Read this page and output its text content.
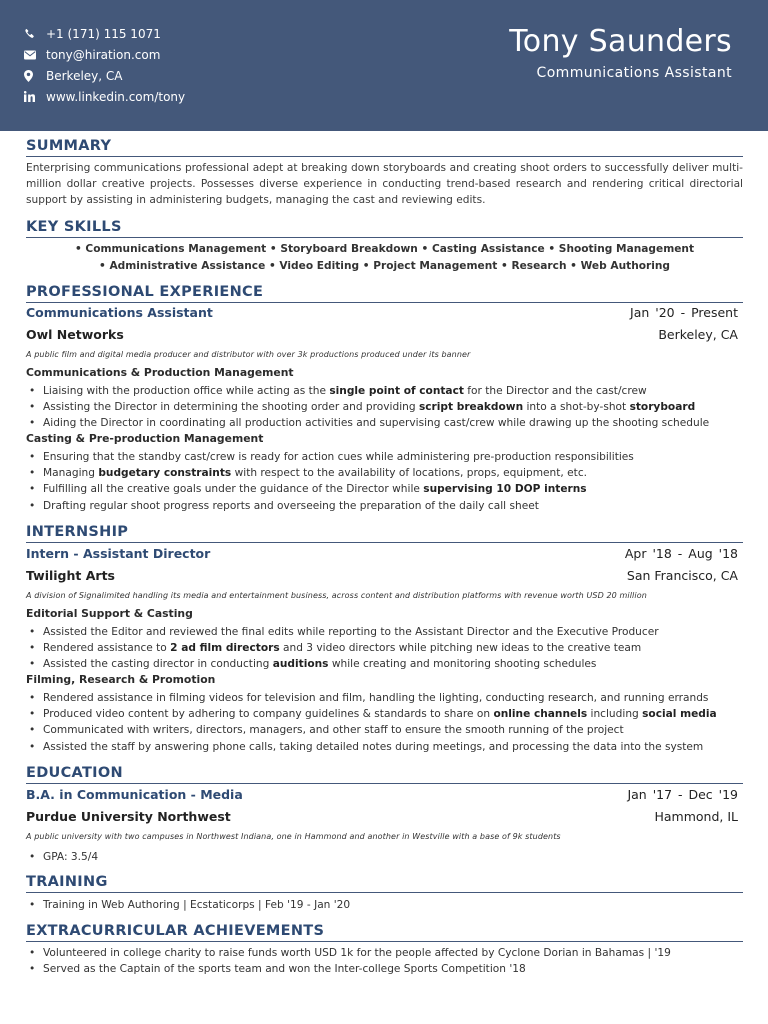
+1 (171) 115 1071
tony@hiration.com
Berkeley, CA
www.linkedin.com/tony
Tony Saunders
Communications Assistant
SUMMARY
Enterprising communications professional adept at breaking down storyboards and creating shoot orders to successfully deliver multi-million dollar creative projects. Possesses diverse experience in conducting trend-based research and rendering critical directorial support by assisting in administering budgets, managing the cast and reviewing edits.
KEY SKILLS
• Communications Management • Storyboard Breakdown • Casting Assistance • Shooting Management
• Administrative Assistance • Video Editing • Project Management • Research • Web Authoring
PROFESSIONAL EXPERIENCE
Communications Assistant	Jan '20 - Present
Owl Networks	Berkeley, CA
A public film and digital media producer and distributor with over 3k productions produced under its banner
Communications & Production Management
• Liaising with the production office while acting as the single point of contact for the Director and the cast/crew
• Assisting the Director in determining the shooting order and providing script breakdown into a shot-by-shot storyboard
• Aiding the Director in coordinating all production activities and supervising cast/crew while drawing up the shooting schedule
Casting & Pre-production Management
• Ensuring that the standby cast/crew is ready for action cues while administering pre-production responsibilities
• Managing budgetary constraints with respect to the availability of locations, props, equipment, etc.
• Fulfilling all the creative goals under the guidance of the Director while supervising 10 DOP interns
• Drafting regular shoot progress reports and overseeing the preparation of the daily call sheet
INTERNSHIP
Intern - Assistant Director	Apr '18 - Aug '18
Twilight Arts	San Francisco, CA
A division of Signalimited handling its media and entertainment business, across content and distribution platforms with revenue worth USD 20 million
Editorial Support & Casting
• Assisted the Editor and reviewed the final edits while reporting to the Assistant Director and the Executive Producer
• Rendered assistance to 2 ad film directors and 3 video directors while pitching new ideas to the creative team
• Assisted the casting director in conducting auditions while creating and monitoring shooting schedules
Filming, Research & Promotion
• Rendered assistance in filming videos for television and film, handling the lighting, conducting research, and running errands
• Produced video content by adhering to company guidelines & standards to share on online channels including social media
• Communicated with writers, directors, managers, and other staff to ensure the smooth running of the project
• Assisted the staff by answering phone calls, taking detailed notes during meetings, and processing the data into the system
EDUCATION
B.A. in Communication - Media	Jan '17 - Dec '19
Purdue University Northwest	Hammond, IL
A public university with two campuses in Northwest Indiana, one in Hammond and another in Westville with a base of 9k students
• GPA: 3.5/4
TRAINING
• Training in Web Authoring | Ecstaticorps | Feb '19 - Jan '20
EXTRACURRICULAR ACHIEVEMENTS
• Volunteered in college charity to raise funds worth USD 1k for the people affected by Cyclone Dorian in Bahamas | '19
• Served as the Captain of the sports team and won the Inter-college Sports Competition '18
